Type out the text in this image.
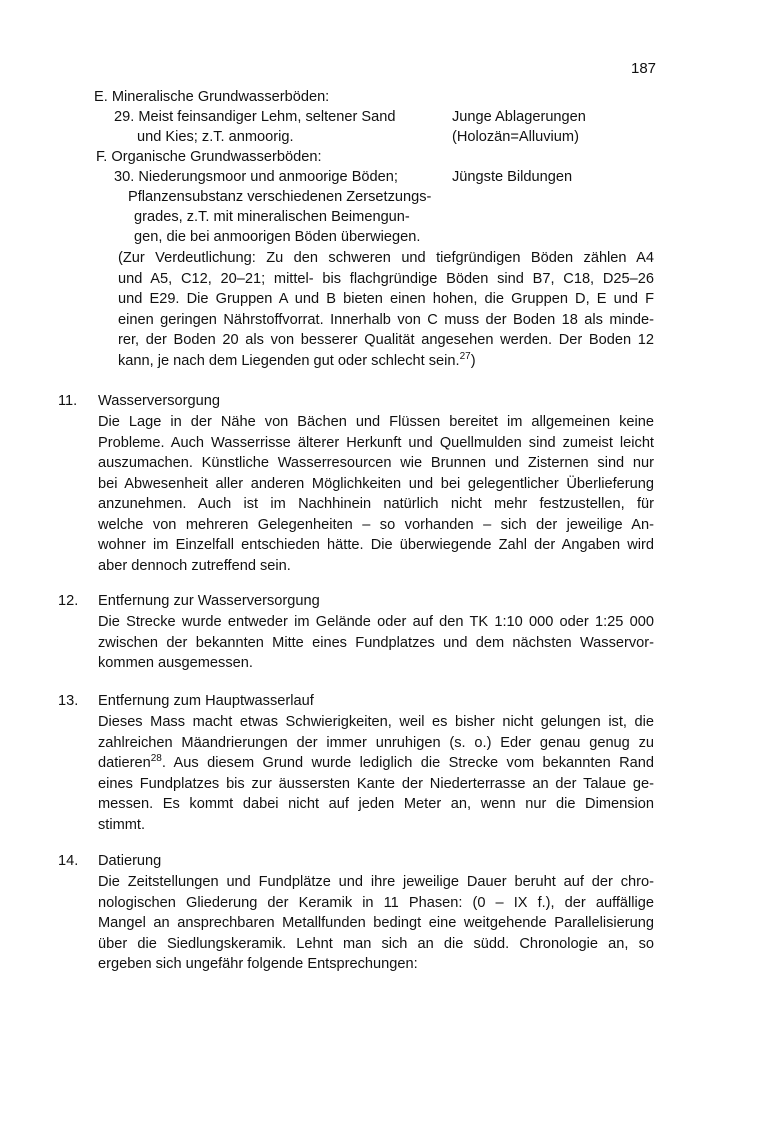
187
E. Mineralische Grundwasserböden:
29. Meist feinsandiger Lehm, seltener Sand
und Kies; z.T. anmoorig.
Junge Ablagerungen
(Holozän=Alluvium)
F. Organische Grundwasserböden:
30. Niederungsmoor und anmoorige Böden;
Pflanzensubstanz verschiedenen Zersetzungs-
grades, z.T. mit mineralischen Beimengun-
gen, die bei anmoorigen Böden überwiegen.
Jüngste Bildungen
(Zur Verdeutlichung: Zu den schweren und tiefgründigen Böden zählen A4
und A5, C12, 20–21; mittel- bis flachgründige Böden sind B7, C18, D25–26
und E29. Die Gruppen A und B bieten einen hohen, die Gruppen D, E und F
einen geringen Nährstoffvorrat. Innerhalb von C muss der Boden 18 als minde-
rer, der Boden 20 als von besserer Qualität angesehen werden. Der Boden 12
kann, je nach dem Liegenden gut oder schlecht sein.$^{27}$)
11. Wasserversorgung
Die Lage in der Nähe von Bächen und Flüssen bereitet im allgemeinen keine
Probleme. Auch Wasserrisse älterer Herkunft und Quellmulden sind zumeist leicht
auszumachen. Künstliche Wasserresourcen wie Brunnen und Zisternen sind nur
bei Abwesenheit aller anderen Möglichkeiten und bei gelegentlicher Überlieferung
anzunehmen. Auch ist im Nachhinein natürlich nicht mehr festzustellen, für
welche von mehreren Gelegenheiten – so vorhanden – sich der jeweilige An-
wohner im Einzelfall entschieden hätte. Die überwiegende Zahl der Angaben wird
aber dennoch zutreffend sein.
12. Entfernung zur Wasserversorgung
Die Strecke wurde entweder im Gelände oder auf den TK 1:10 000 oder 1:25 000
zwischen der bekannten Mitte eines Fundplatzes und dem nächsten Wasservor-
kommen ausgemessen.
13. Entfernung zum Hauptwasserlauf
Dieses Mass macht etwas Schwierigkeiten, weil es bisher nicht gelungen ist, die
zahlreichen Mäandrierungen der immer unruhigen (s. o.) Eder genau genug zu
datieren$^{28}$. Aus diesem Grund wurde lediglich die Strecke vom bekannten Rand
eines Fundplatzes bis zur äussersten Kante der Niederterrasse an der Talaue ge-
messen. Es kommt dabei nicht auf jeden Meter an, wenn nur die Dimension
stimmt.
14. Datierung
Die Zeitstellungen und Fundplätze und ihre jeweilige Dauer beruht auf der chro-
nologischen Gliederung der Keramik in 11 Phasen: (0 – IX f.), der auffällige
Mangel an ansprechbaren Metallfunden bedingt eine weitgehende Parallelisierung
über die Siedlungskeramik. Lehnt man sich an die südd. Chronologie an, so
ergeben sich ungefähr folgende Entsprechungen:
